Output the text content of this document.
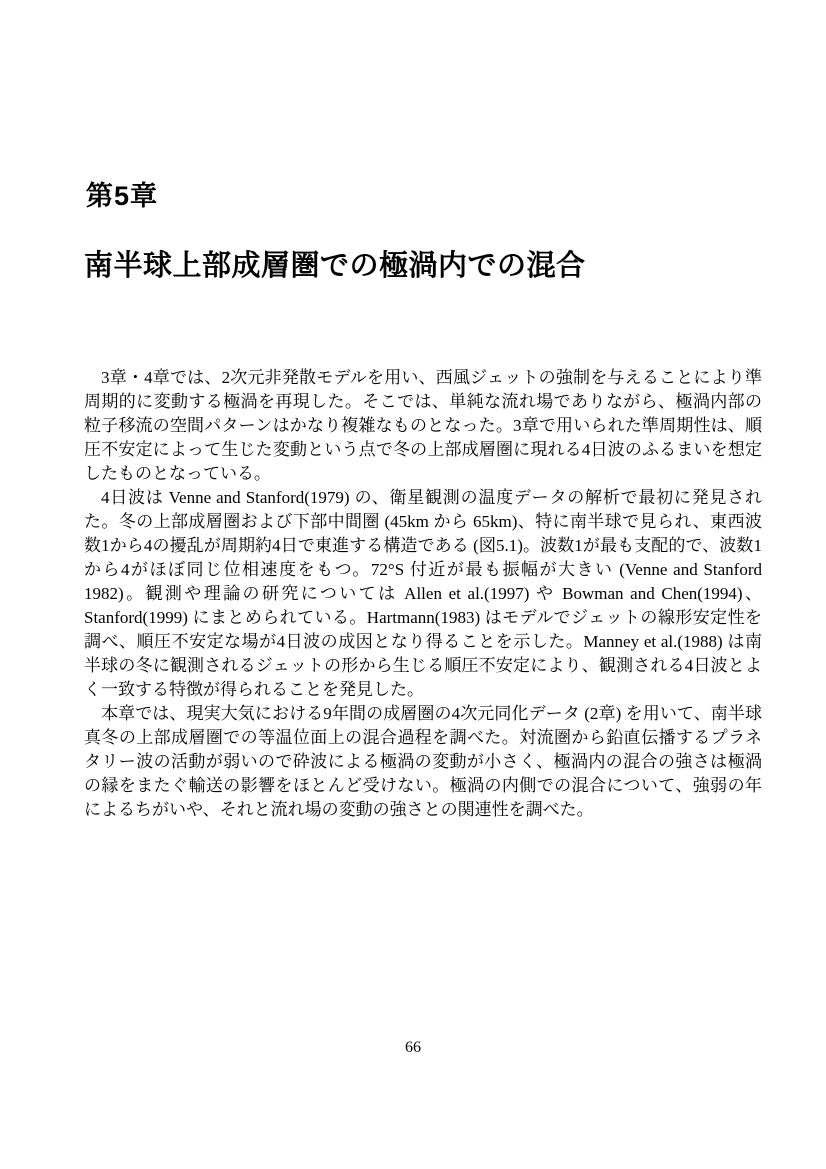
第5章
南半球上部成層圏での極渦内での混合

3章・4章では、2次元非発散モデルを用い、西風ジェットの強制を与えることにより準周期的に変動する極渦を再現した。そこでは、単純な流れ場でありながら、極渦内部の粒子移流の空間パターンはかなり複雑なものとなった。3章で用いられた準周期性は、順圧不安定によって生じた変動という点で冬の上部成層圏に現れる4日波のふるまいを想定したものとなっている。

4日波は Venne and Stanford(1979) の、衛星観測の温度データの解析で最初に発見された。冬の上部成層圏および下部中間圏 (45km から 65km)、特に南半球で見られ、東西波数1から4の擾乱が周期約4日で東進する構造である (図5.1)。波数1が最も支配的で、波数1から4がほぼ同じ位相速度をもつ。72°S 付近が最も振幅が大きい (Venne and Stanford 1982)。観測や理論の研究については Allen et al.(1997) や Bowman and Chen(1994)、Stanford(1999) にまとめられている。Hartmann(1983) はモデルでジェットの線形安定性を調べ、順圧不安定な場が4日波の成因となり得ることを示した。Manney et al.(1988) は南半球の冬に観測されるジェットの形から生じる順圧不安定により、観測される4日波とよく一致する特徴が得られることを発見した。

本章では、現実大気における9年間の成層圏の4次元同化データ (2章) を用いて、南半球真冬の上部成層圏での等温位面上の混合過程を調べた。対流圏から鉛直伝播するプラネタリー波の活動が弱いので砕波による極渦の変動が小さく、極渦内の混合の強さは極渦の縁をまたぐ輸送の影響をほとんど受けない。極渦の内側での混合について、強弱の年によるちがいや、それと流れ場の変動の強さとの関連性を調べた。

66
